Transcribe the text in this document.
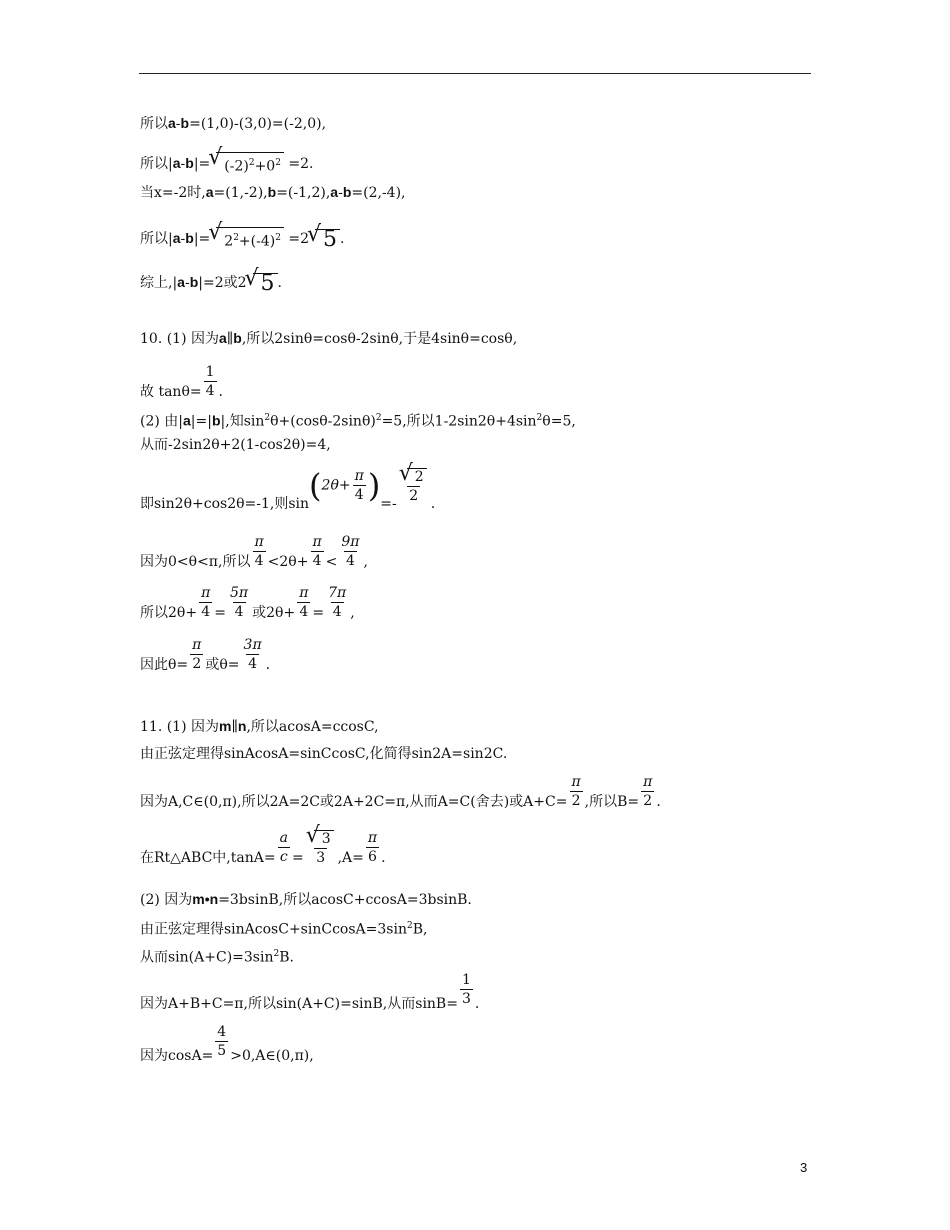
所以a-b=(1,0)-(3,0)=(-2,0),
所以|a-b|=√ $(-2)^2+0^2 =2$.
当x=-2时,a=(1,-2),b=(-1,2),a-b=(2,-4),
所以|a-b|=√ $2^2+(-4)^2 =2√$ 5 .
综上,|a-b|=2或2√ 5 .
10. (1) 因为a∥b,所以2sinθ=cosθ-2sinθ,于是4sinθ=cosθ,
故 $\tan\theta= \frac{1}{4}$ .
(2) 由|a|=|b|,知$\sin^2\theta+(\cos\theta-2\sin\theta)^2=5$,所以$1-2\sin 2\theta+4\sin^2\theta=5$,
从而-2sin2θ+2(1-cos2θ)=4,
即sin2θ+cos2θ=-1,则$\sin(2\theta+ \frac{\pi}{4}$ )=-
√ $\frac{2}{2}$
.
因为0<θ<π,所以 $\frac{\pi}{4} <2\theta+ \frac{\pi}{4} < \frac{9\pi}{4}$ ,
所以$2\theta+ \frac{\pi}{4} = \frac{5\pi}{4}$ 或$2\theta+ \frac{\pi}{4} = \frac{7\pi}{4}$ ,
因此$\theta= \frac{\pi}{2}$ 或$\theta= \frac{3\pi}{4}$ .
11. (1) 因为m∥n,所以acosA=ccosC,
由正弦定理得sinAcosA=sinCcosC,化简得sin2A=sin2C.
因为A,C∈(0,π),所以2A=2C或2A+2C=π,从而A=C(舍去)或$A+C= \frac{\pi}{2}$ ,所以$B= \frac{\pi}{2}$ .
在Rt△ABC中$,\tan A= \frac{a}{c}$ =
√ $\frac{3}{3} ,A= \frac{\pi}{6}$ .
(2) 因为m•n=3bsinB,所以acosC+ccosA=3bsinB.
由正弦定理得$sinAcosC+sinCcosA=3\sin^2B$,
从而$\sin(A+C)=3\sin^2B$.
因为A+B+C=π,所以sin(A+C)=sinB,从而$\sin B= \frac{1}{3}$ .
因为$\cos A= \frac{4}{5}$ >0,A∈(0,π),
3
